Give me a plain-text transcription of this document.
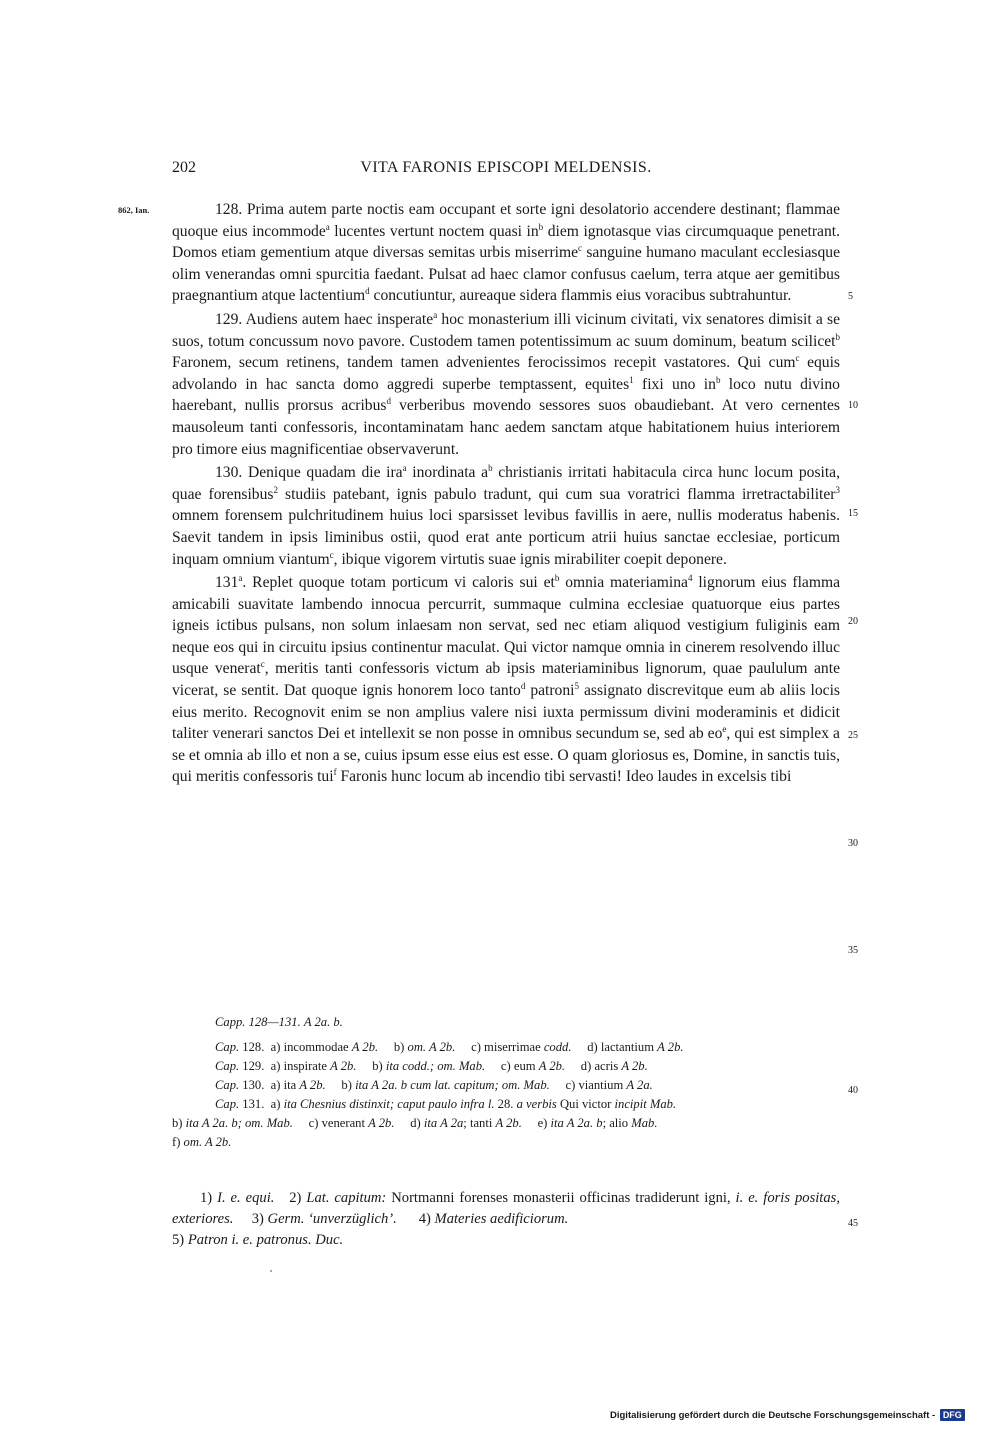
202	VITA FARONIS EPISCOPI MELDENSIS.
862, Ian.	128. Prima autem parte noctis eam occupant et sorte igni desolatorio accendere destinant; flammae quoque eius incommode$^a$ lucentes vertunt noctem quasi $in^b$ diem ignotasque vias circumquaque penetrant. Domos etiam gementium atque diversas semitas urbis miserrime$^c$ sanguine humano maculant ecclesiasque olim venerandas omni spurcitia faedant. Pulsat ad haec clamor confusus caelum, terra atque aer gemitibus praegnantium atque lactentium$^d$ concutiuntur, aureaque sidera flammis eius voracibus subtrahuntur.

129. Audiens autem haec insperate$^a$ hoc monasterium illi vicinum civitati, vix senatores dimisit a se suos, totum concussum novo pavore. Custodem tamen potentissimum ac suum dominum, beatum scilicet$^b$ Faronem, secum retinens, tandem tamen advenientes ferocissimos recepit vastatores. Qui cum$^c$ equis advolando in hac sancta domo aggredi superbe temptassent, equites$^1$ fixi uno $in^b$ loco nutu divino haerebant, nullis prorsus acribus$^d$ verberibus movendo sessores suos obaudiebant. At vero cernentes mausoleum tanti confessoris, incontaminatam hanc aedem sanctam atque habitationem huius interiorem pro timore eius magnificentiae observaverunt.

130. Denique quadam die ira$^a$ inordinata $a^b$ christianis irritati habitacula circa hunc locum posita, quae forensibus$^2$ studiis patebant, ignis pabulo tradunt, qui cum sua voratrici flamma irretractabiliter$^3$ omnem forensem pulchritudinem huius loci sparsisset levibus favillis in aere, nullis moderatus habenis. Saevit tandem in ipsis liminibus ostii, quod erat ante porticum atrii huius sanctae ecclesiae, porticum inquam omnium viantum$^c$, ibique vigorem virtutis suae ignis mirabiliter coepit deponere.

131$^a$. Replet quoque totam porticum vi caloris sui $et^b$ omnia materiamina$^4$ lignorum eius flamma amicabili suavitate lambendo innocua percurrit, summaque culmina ecclesiae quatuorque eius partes igneis ictibus pulsans, non solum inlaesam non servat, sed nec etiam aliquod vestigium fuliginis eam neque eos qui in circuitu ipsius continentur maculat. Qui victor namque omnia in cinerem resolvendo illuc usque venerat$^c$, meritis tanti confessoris victum ab ipsis materiaminibus lignorum, quae paululum ante vicerat, se sentit. Dat quoque ignis honorem loco tanto$^d$ patroni$^5$ assignato discrevitque eum ab aliis locis eius merito. Recognovit enim se non amplius valere nisi iuxta permissum divini moderaminis et didicit taliter venerari sanctos Dei et intellexit se non posse in omnibus secundum se, sed ab $eo^e$, qui est simplex a se et omnia ab illo et non a se, cuius ipsum esse eius est esse. O quam gloriosus es, Domine, in sanctis tuis, qui meritis confessoris tui$^f$ Faronis hunc locum ab incendio tibi servasti! Ideo laudes in excelsis tibi

5
10
15
20
25
30
35
40
45

Capp. 128—131. A 2a. b.

Cap. 128.  a) incommodae A 2b.     b) om. A 2b.     c) miserrimae codd.     d) lactantium A 2b.

Cap. 129.  a) inspirate A 2b.     b) ita codd.; om. Mab.     c) eum A 2b.     d) acris A 2b.

Cap. 130.  a) ita A 2b.     b) ita A 2a. b cum lat. capitum; om. Mab.     c) viantium A 2a.

Cap. 131.  a) ita Chesnius distinxit; caput paulo infra l. 28. a verbis Qui victor incipit Mab.

b) ita A 2a. b; om. Mab.     c) venerant A 2b.     d) ita A 2a; tanti A 2b.     e) ita A 2a. b; alio Mab.

f) om. A 2b.

1) I. e. equi.   2) Lat. capitum: Nortmanni forenses monasterii officinas tradiderunt igni, i. e. foris positas, exteriores.     3) Germ. ‘unverzüglich’.      4) Materies aedificiorum.

5) Patron i. e. patronus. Duc.

Digitalisierung gefördert durch die Deutsche Forschungsgemeinschaft - DFG
